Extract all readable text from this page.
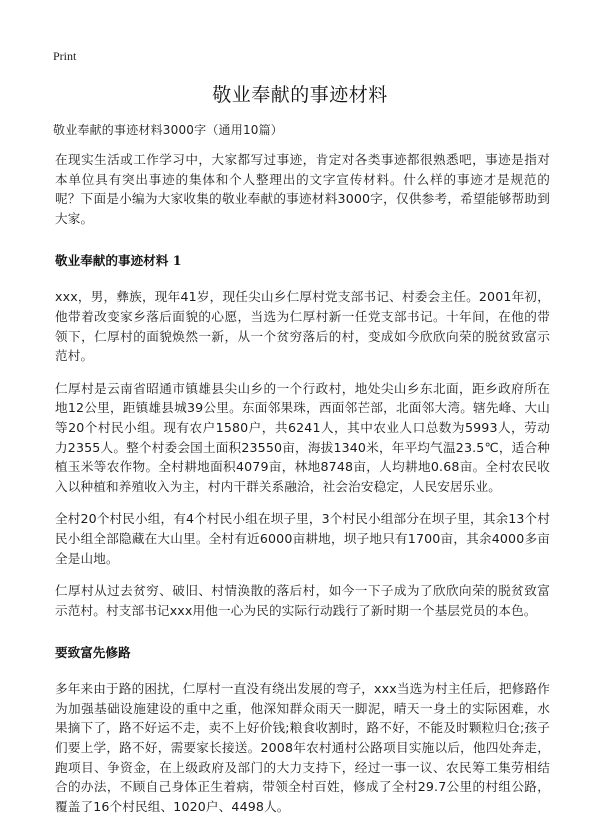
Print
敬业奉献的事迹材料
敬业奉献的事迹材料3000字（通用10篇）

在现实生活或工作学习中，大家都写过事迹，肯定对各类事迹都很熟悉吧，事迹是指对本单位具有突出事迹的集体和个人整理出的文字宣传材料。什么样的事迹才是规范的呢？下面是小编为大家收集的敬业奉献的事迹材料3000字，仅供参考，希望能够帮助到大家。

敬业奉献的事迹材料 1

xxx，男，彝族，现年41岁，现任尖山乡仁厚村党支部书记、村委会主任。2001年初，他带着改变家乡落后面貌的心愿，当选为仁厚村新一任党支部书记。十年间，在他的带领下，仁厚村的面貌焕然一新，从一个贫穷落后的村，变成如今欣欣向荣的脱贫致富示范村。

仁厚村是云南省昭通市镇雄县尖山乡的一个行政村，地处尖山乡东北面，距乡政府所在地12公里，距镇雄县城39公里。东面邻果珠，西面邻芒部，北面邻大湾。辖先峰、大山等20个村民小组。现有农户1580户，共6241人，其中农业人口总数为5993人，劳动力2355人。整个村委会国土面积23550亩，海拔1340米，年平均气温23.5℃，适合种植玉米等农作物。全村耕地面积4079亩，林地8748亩，人均耕地0.68亩。全村农民收入以种植和养殖收入为主，村内干群关系融洽，社会治安稳定，人民安居乐业。

全村20个村民小组，有4个村民小组在坝子里，3个村民小组部分在坝子里，其余13个村民小组全部隐藏在大山里。全村有近6000亩耕地，坝子地只有1700亩，其余4000多亩全是山地。

仁厚村从过去贫穷、破旧、村情涣散的落后村，如今一下子成为了欣欣向荣的脱贫致富示范村。村支部书记xxx用他一心为民的实际行动践行了新时期一个基层党员的本色。

要致富先修路

多年来由于路的困扰，仁厚村一直没有绕出发展的弯子，xxx当选为村主任后，把修路作为加强基础设施建设的重中之重，他深知群众雨天一脚泥，晴天一身土的实际困难，水果摘下了，路不好运不走，卖不上好价钱;粮食收割时，路不好，不能及时颗粒归仓;孩子们要上学，路不好，需要家长接送。2008年农村通村公路项目实施以后，他四处奔走，跑项目、争资金，在上级政府及部门的大力支持下，经过一事一议、农民筹工集劳相结合的办法，不顾自己身体正生着病，带领全村百姓，修成了全村29.7公里的村组公路，覆盖了16个村民组、1020户、4498人。
